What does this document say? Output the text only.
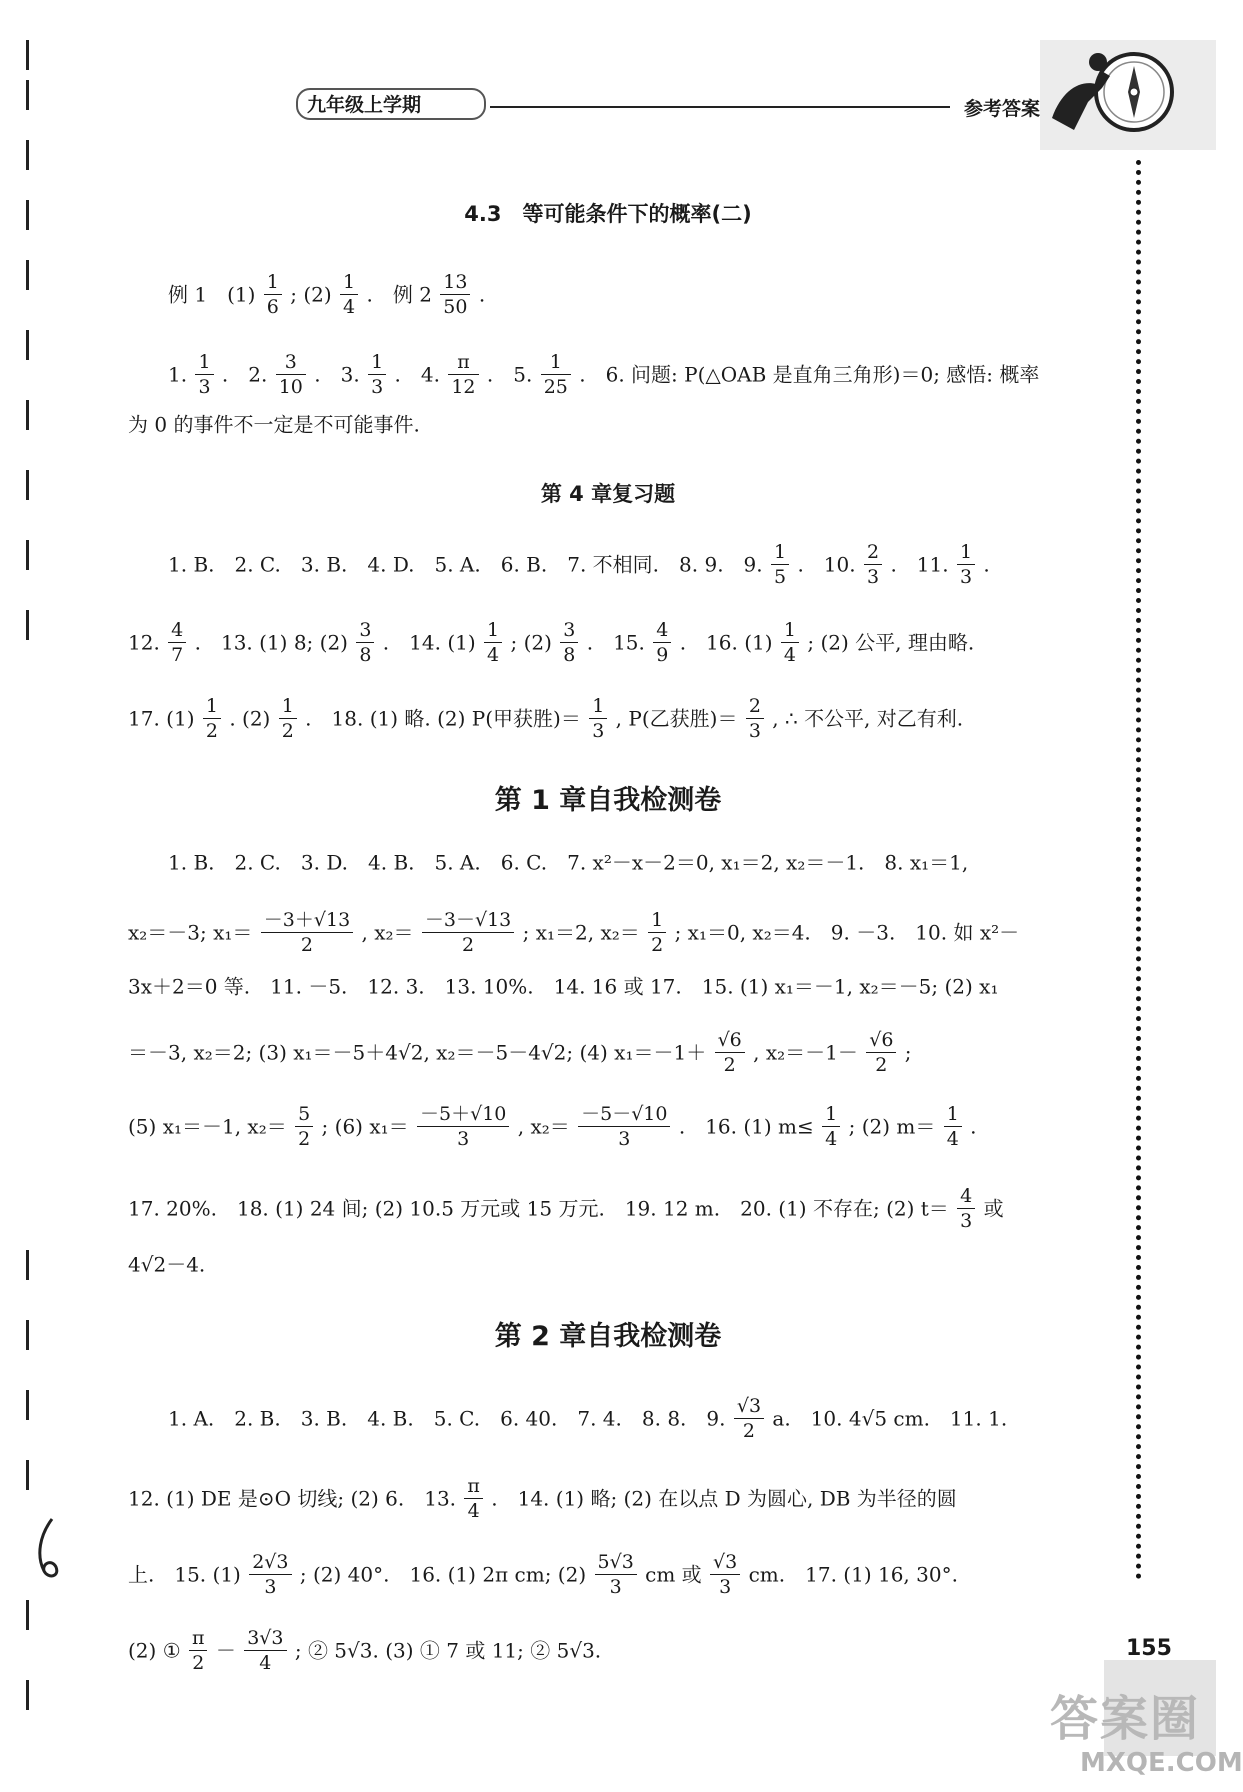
九年级上学期	参考答案
155
答案圈
MXQE.COM
4.3　等可能条件下的概率(二)
例 1　$(1) \frac{1}{6}$ ; $(2) \frac{1}{4}$ .　例 $2 \frac{13}{50}$ .
1. $\frac{1}{3}$ .　2. $\frac{3}{10}$ .　3. $\frac{1}{3}$ .　4. $\frac{\pi}{12}$ .　5. $\frac{1}{25}$ .　6. 问题: P(△OAB 是直角三角形)＝0; 感悟: 概率
为 0 的事件不一定是不可能事件.
第 4 章复习题
1. B.　2. C.　3. B.　4. D.　5. A.　6. B.　7. 不相同.　8. 9.　9. $\frac{1}{5}$ .　10. $\frac{2}{3}$ .　11. $\frac{1}{3}$ .
12. $\frac{4}{7}$ .　13. (1) 8; $(2) \frac{3}{8}$ .　14. $(1) \frac{1}{4}$ ; $(2) \frac{3}{8}$ .　15. $\frac{4}{9}$ .　16. $(1) \frac{1}{4}$ ; (2) 公平, 理由略.
17. $(1) \frac{1}{2}$ . $(2) \frac{1}{2}$ .　18. (1) 略. (2) P(甲获胜)＝ $\frac{1}{3}$ , P(乙获胜)＝ $\frac{2}{3}$ , ∴ 不公平, 对乙有利.
第 1 章自我检测卷
1. B.　2. C.　3. D.　4. B.　5. A.　6. C.　7. x²－x－2＝0, x₁＝2, x₂＝－1.　8. x₁＝1,
x₂＝－3; $x_1= \frac{-3+√13}{2}$ , $x_2= \frac{-3-√13}{2}$ ; x₁＝2, $x_2= \frac{1}{2}$ ; x₁＝0, x₂＝4.　9. －3.　10. 如 x²－
3x＋2＝0 等.　11. －5.　12. 3.　13. 10%.　14. 16 或 17.　15. (1) x₁＝－1, x₂＝－5; (2) x₁
＝－3, x₂＝2; (3) x₁＝－5＋4√2, x₂＝－5－4√2; (4) $x_1=-1+ \frac{√6}{2}$ , $x_2=-1- \frac{√6}{2}$ ;
(5) x₁＝－1, $x_2= \frac{5}{2}$ ; (6) $x_1= \frac{-5+√10}{3}$ , $x_2= \frac{-5-√10}{3}$ .　16. (1) $m\le \frac{1}{4}$ ; (2) $m= \frac{1}{4}$ .
17. 20%.　18. (1) 24 间; (2) 10.5 万元或 15 万元.　19. 12 m.　20. (1) 不存在; (2) $t= \frac{4}{3}$ 或
4√2－4.
第 2 章自我检测卷
1. A.　2. B.　3. B.　4. B.　5. C.　6. 40.　7. 4.　8. 8.　9. $\frac{√3}{2} a$.　10. 4√5 cm.　11. 1.
12. (1) DE 是⊙O 切线; (2) 6.　13. $\frac{\pi}{4}$ .　14. (1) 略; (2) 在以点 D 为圆心, DB 为半径的圆
上.　15. $(1) \frac{2√3}{3}$ ; (2) 40°.　16. (1) 2π cm; $(2) \frac{5√3}{3}$ cm 或 $\frac{√3}{3}$ cm.　17. (1) 16, 30°.
(2) ① $\frac{\pi}{2} - \frac{3√3}{4}$ ; ② 5√3. (3) ① 7 或 11; ② 5√3.
